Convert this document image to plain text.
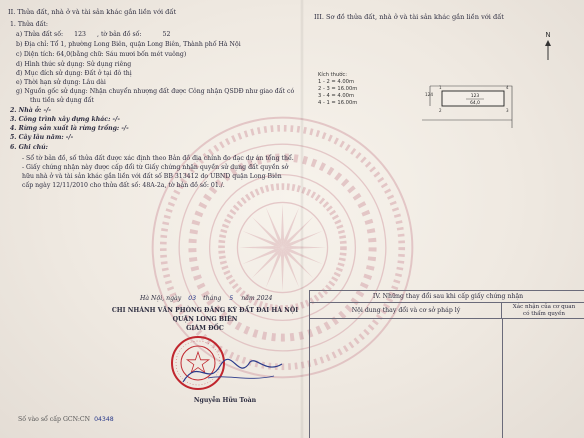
II. Thửa đất, nhà ở và tài sản khác gắn liền với đất
1. Thửa đất:
a) Thửa đất số: 123 , tờ bản đồ số:	52
b) Địa chỉ: Tổ 1, phường Long Biên, quận Long Biên, Thành phố Hà Nội
c) Diện tích: 64,0(bằng chữ: Sáu mươi bốn mét vuông)
d) Hình thức sử dụng: Sử dụng riêng
đ) Mục đích sử dụng: Đất ở tại đô thị
e) Thời hạn sử dụng: Lâu dài
g) Nguồn gốc sử dụng: Nhận chuyển nhượng đất được Công nhận QSDĐ như giao đất có
thu tiền sử dụng đất
2. Nhà ở: -/-
3. Công trình xây dựng khác: -/-
4. Rừng sản xuất là rừng trồng: -/-
5. Cây lâu năm: -/-
6. Ghi chú:
- Sổ tờ bản đồ, số thửa đất được xác định theo Bản đồ địa chính đo đạc dự án tổng thể.
- Giấy chứng nhận này được cấp đổi từ Giấy chứng nhận quyền sử dụng đất quyền sở
hữu nhà ở và tài sản khác gắn liền với đất số BB 313412 do UBND quận Long Biên
cấp ngày 12/11/2010 cho thửa đất số: 48A-2a, tờ bản đồ số: 01./.
Hà Nội, ngày 03 tháng 5 năm 2024
CHI NHÁNH VĂN PHÒNG ĐĂNG KÝ ĐẤT ĐAI HÀ NỘI
QUẬN LONG BIÊN
GIÁM ĐỐC
Nguyễn Hữu Toàn
Số vào sổ cấp GCN:CN 04348
III. Sơ đồ thửa đất, nhà ở và tài sản khác gắn liền với đất
N
Kích thước:
1 - 2 = 4.00m
2 - 3 = 16.00m
3 - 4 = 4.00m
4 - 1 = 16.00m
123
64,0
124
1
2	3
4
IV. Những thay đổi sau khi cấp giấy chứng nhận
Nội dung thay đổi và cơ sở pháp lý	Xác nhận của cơ quan
có thẩm quyền
